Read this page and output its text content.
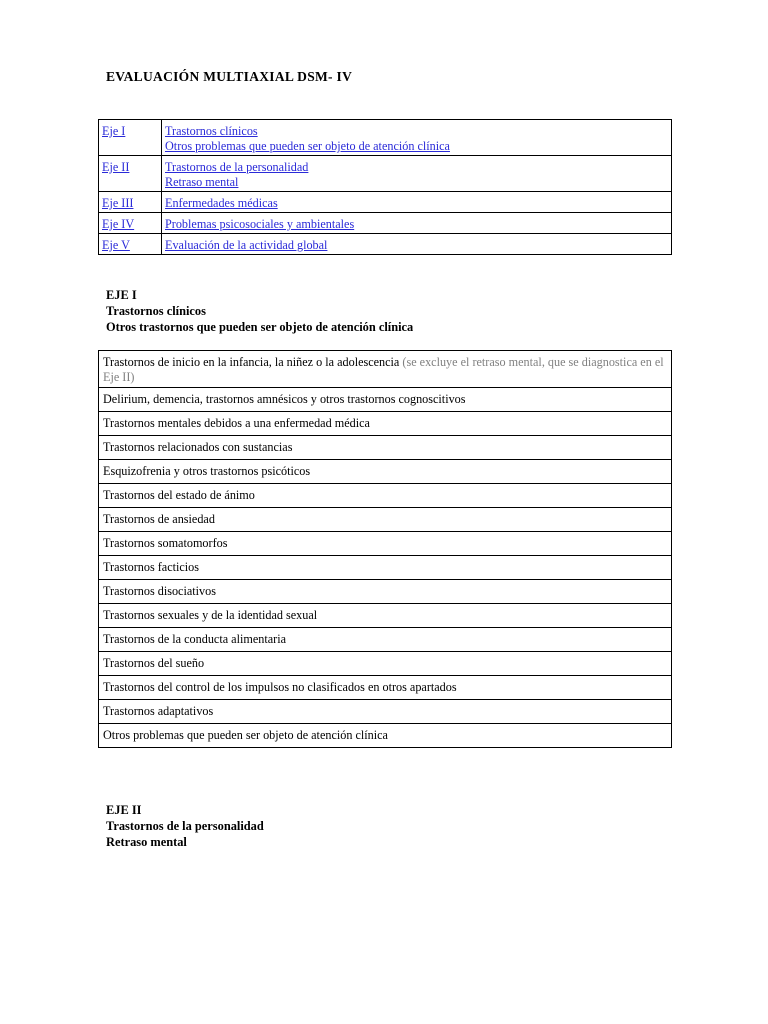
EVALUACIÓN MULTIAXIAL DSM- IV
Eje I	Trastornos clínicos
Otros problemas que pueden ser objeto de atención clínica

Eje II	Trastornos de la personalidad
Retraso mental

Eje III	Enfermedades médicas

Eje IV	Problemas psicosociales y ambientales

Eje V	Evaluación de la actividad global
EJE I
Trastornos clínicos
Otros trastornos que pueden ser objeto de atención clínica
Trastornos de inicio en la infancia, la niñez o la adolescencia (se excluye el retraso mental, que se diagnostica en el Eje II)
Delirium, demencia, trastornos amnésicos y otros trastornos cognoscitivos
Trastornos mentales debidos a una enfermedad médica
Trastornos relacionados con sustancias
Esquizofrenia y otros trastornos psicóticos
Trastornos del estado de ánimo
Trastornos de ansiedad
Trastornos somatomorfos
Trastornos facticios
Trastornos disociativos
Trastornos sexuales y de la identidad sexual
Trastornos de la conducta alimentaria
Trastornos del sueño
Trastornos del control de los impulsos no clasificados en otros apartados
Trastornos adaptativos
Otros problemas que pueden ser objeto de atención clínica
EJE II
Trastornos de la personalidad
Retraso mental
